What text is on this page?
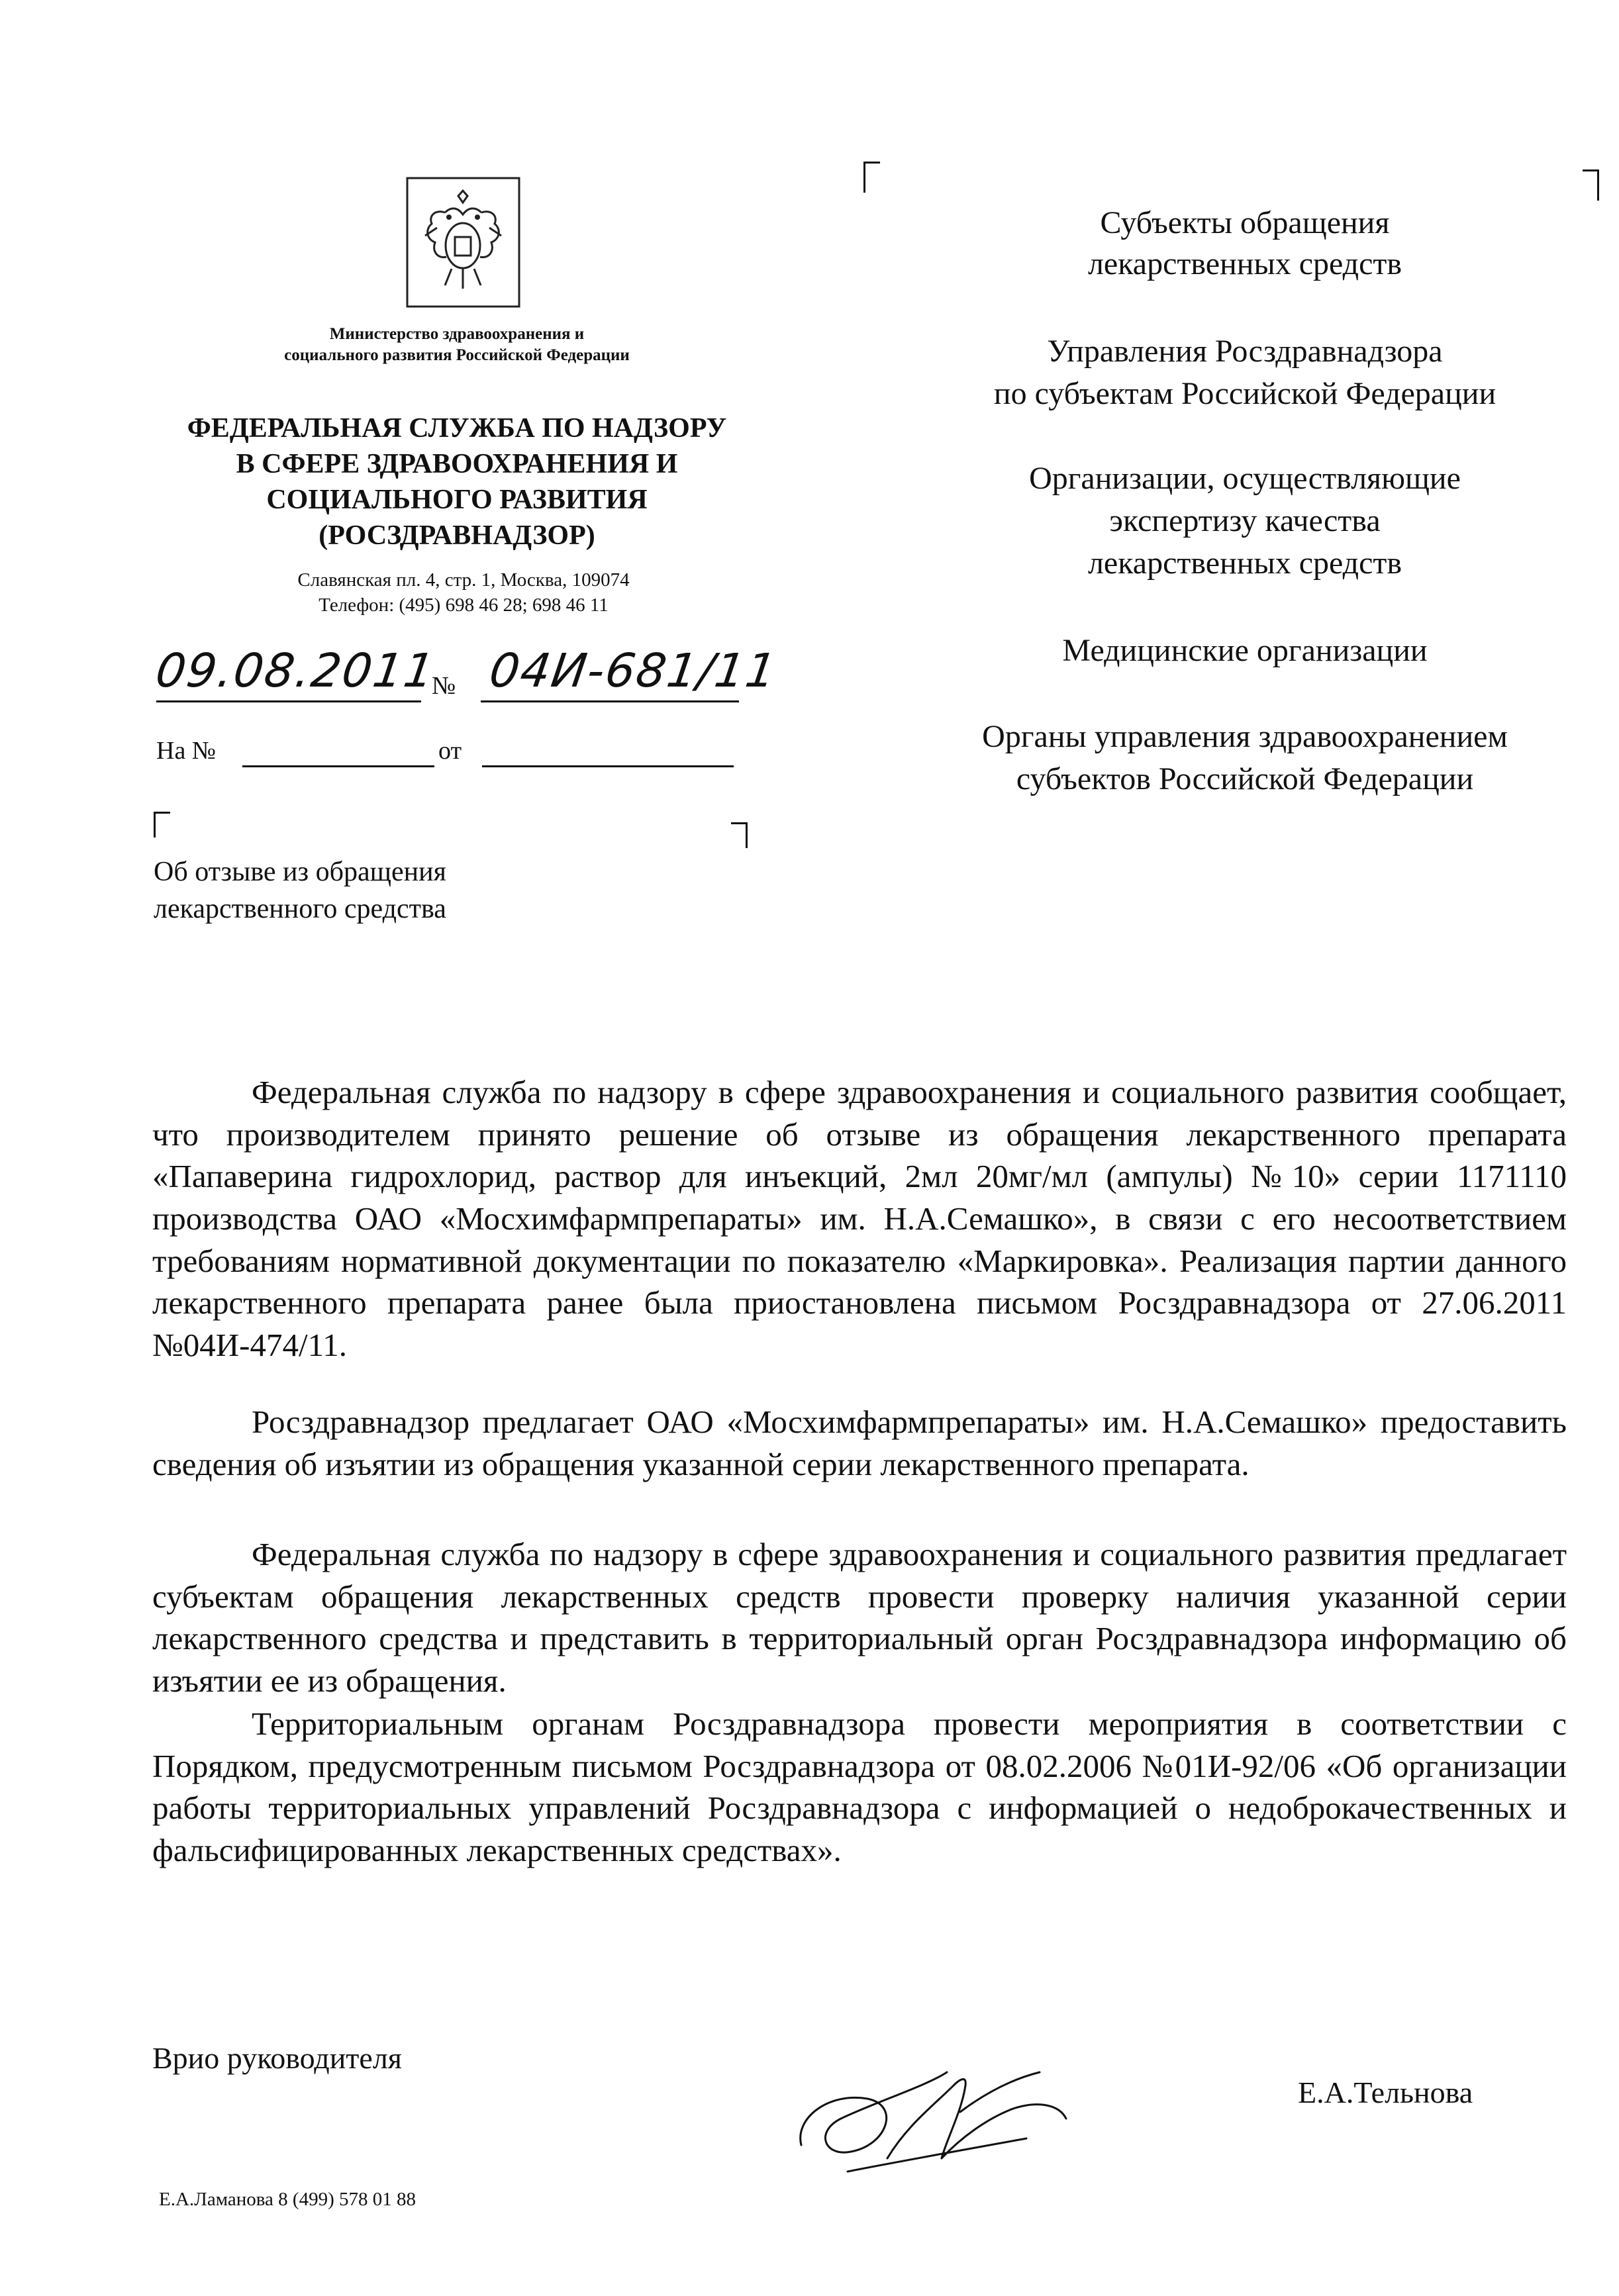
Министерство здравоохранения и
социального развития Российской Федерации
ФЕДЕРАЛЬНАЯ СЛУЖБА ПО НАДЗОРУ
В СФЕРЕ ЗДРАВООХРАНЕНИЯ И
СОЦИАЛЬНОГО РАЗВИТИЯ
(РОСЗДРАВНАДЗОР)
Славянская пл. 4, стр. 1, Москва, 109074
Телефон: (495) 698 46 28; 698 46 11
09.08.2011
№ 04И-681/11
На №	от
Об отзыве из обращения
лекарственного средства
Субъекты обращения
лекарственных средств
Управления Росздравнадзора
по субъектам Российской Федерации
Организации, осуществляющие
экспертизу качества
лекарственных средств
Медицинские организации
Органы управления здравоохранением
субъектов Российской Федерации

Федеральная служба по надзору в сфере здравоохранения и социального развития сообщает, что производителем принято решение об отзыве из обращения лекарственного препарата «Папаверина гидрохлорид, раствор для инъекций, 2мл 20мг/мл (ампулы) №10» серии 1171110 производства ОАО «Мосхимфармпрепараты» им. Н.А.Семашко», в связи с его несоответствием требованиям нормативной документации по показателю «Маркировка». Реализация партии данного лекарственного препарата ранее была приостановлена письмом Росздравнадзора от 27.06.2011 №04И-474/11.

Росздравнадзор предлагает ОАО «Мосхимфармпрепараты» им. Н.А.Семашко» предоставить сведения об изъятии из обращения указанной серии лекарственного препарата.

Федеральная служба по надзору в сфере здравоохранения и социального развития предлагает субъектам обращения лекарственных средств провести проверку наличия указанной серии лекарственного средства и представить в территориальный орган Росздравнадзора информацию об изъятии ее из обращения.

Территориальным органам Росздравнадзора провести мероприятия в соответствии с Порядком, предусмотренным письмом Росздравнадзора от 08.02.2006 №01И-92/06 «Об организации работы территориальных управлений Росздравнадзора с информацией о недоброкачественных и фальсифицированных лекарственных средствах».

Врио руководителя
Е.А.Тельнова
Е.А.Ламанова 8 (499) 578 01 88
